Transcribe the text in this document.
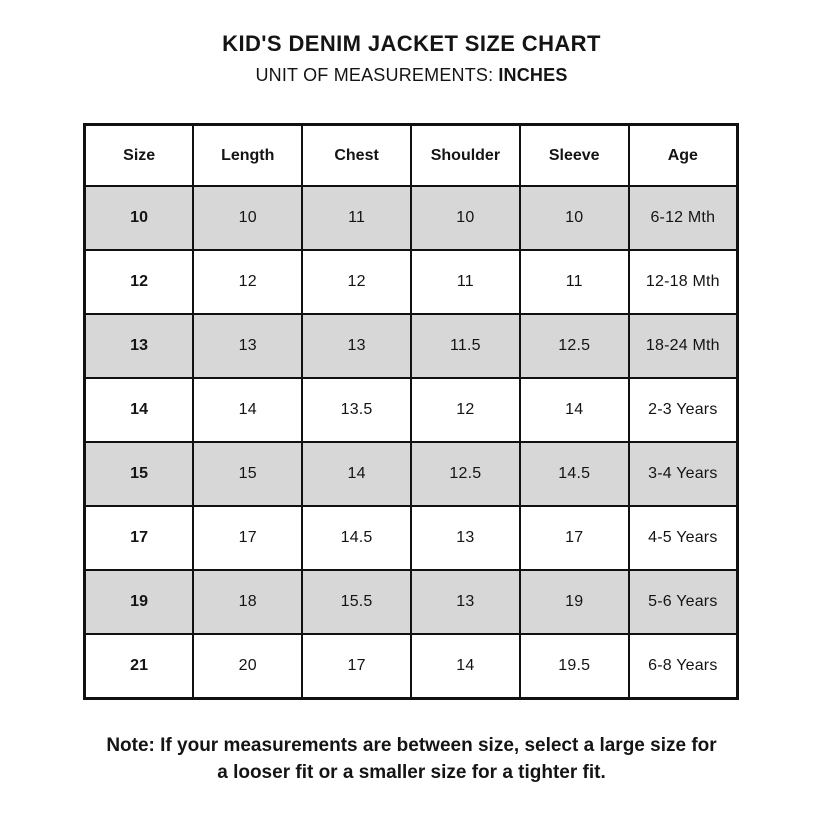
KID'S DENIM JACKET SIZE CHART
UNIT OF MEASUREMENTS: INCHES
Size	Length	Chest	Shoulder	Sleeve	Age
10	10	11	10	10	6-12 Mth
12	12	12	11	11	12-18 Mth
13	13	13	11.5	12.5	18-24 Mth
14	14	13.5	12	14	2-3 Years
15	15	14	12.5	14.5	3-4 Years
17	17	14.5	13	17	4-5 Years
19	18	15.5	13	19	5-6 Years
21	20	17	14	19.5	6-8 Years
Note: If your measurements are between size, select a large size for a looser fit or a smaller size for a tighter fit.
